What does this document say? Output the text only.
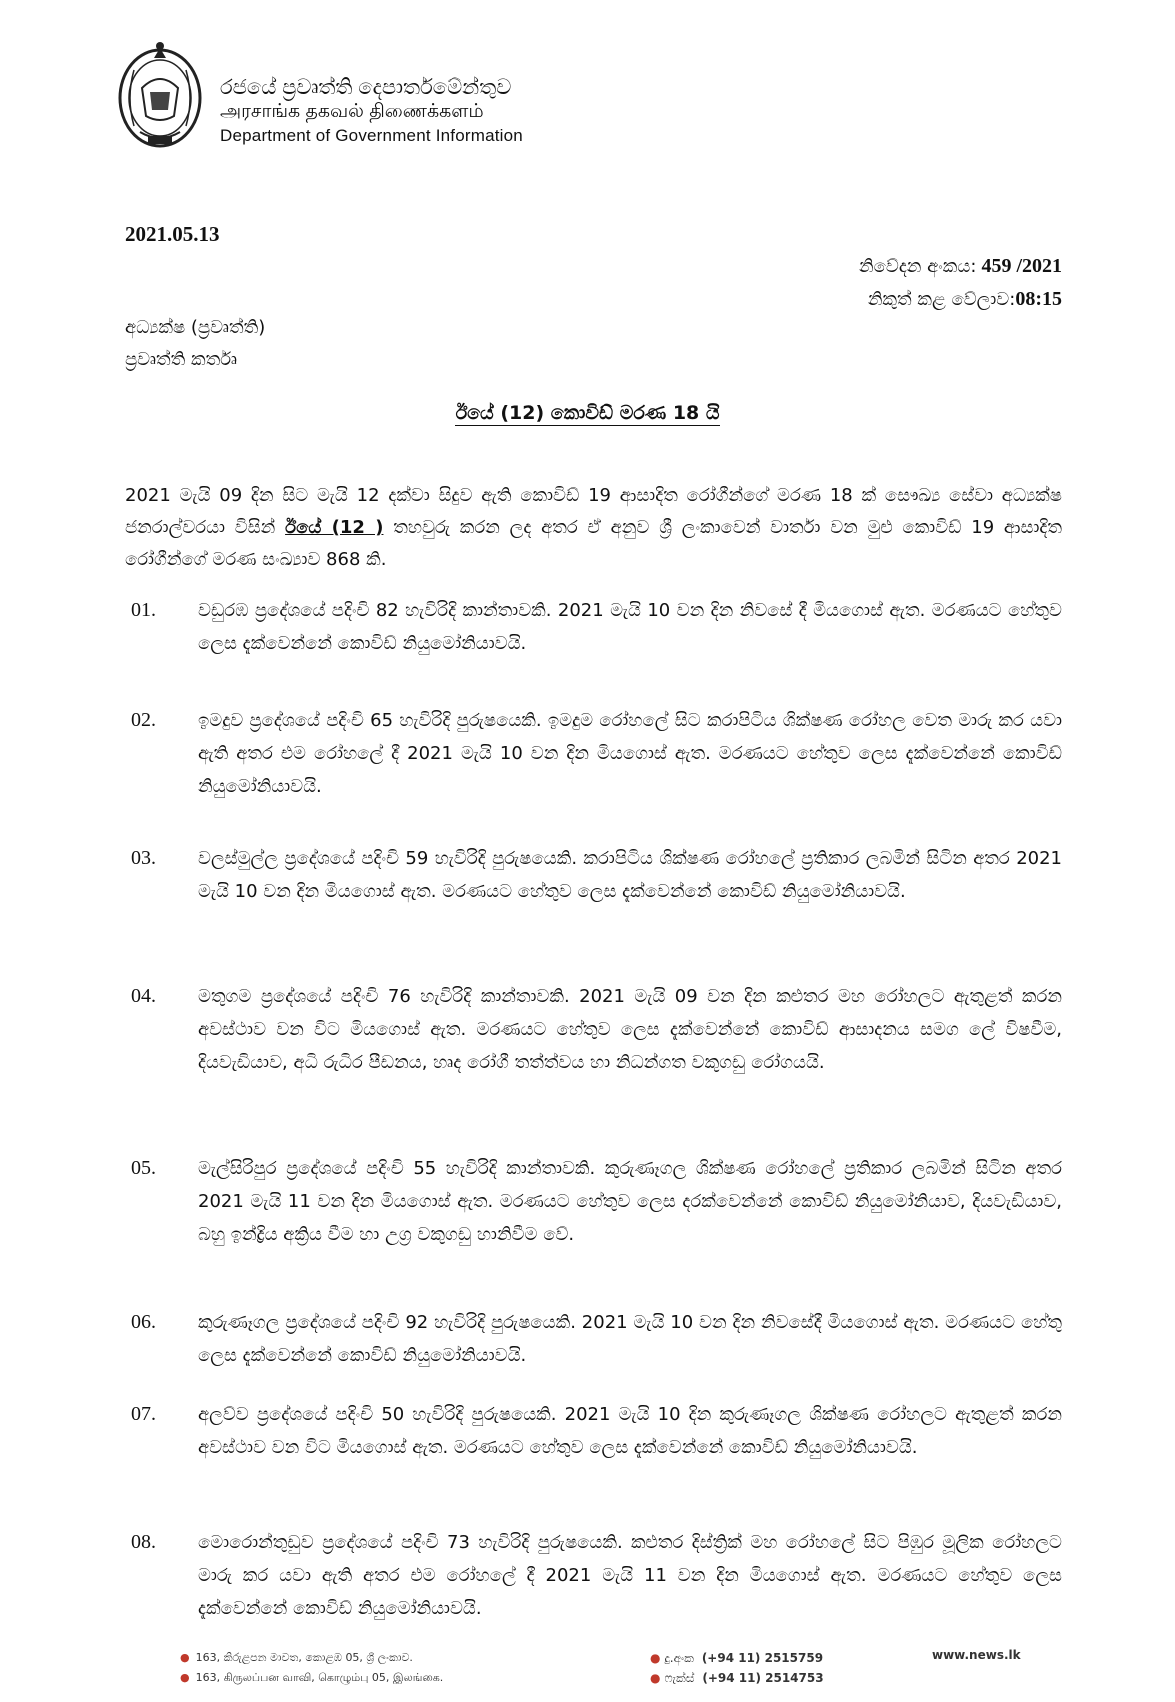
රජයේ ප්‍රවෘත්ති දෙපාර්තමේන්තුව
அரசாங்க தகவல் திணைக்களம்
Department of Government Information
2021.05.13
නිවේදන අංකය: 459 /2021
නිකුත් කළ වේලාව:08:15
අධ්‍යක්ෂ (ප්‍රවෘත්ති)
ප්‍රවෘත්ති කර්තෘ
ඊයේ (12) කොවිඩ් මරණ 18 යි
2021 මැයි 09 දින සිට මැයි 12 දක්වා සිදුව ඇති කොවිඩ් 19 ආසාදිත රෝගීන්ගේ මරණ 18 ක් සෞඛ්‍ය සේවා අධ්‍යක්ෂ ජනරාල්වරයා විසින් ඊයේ (12 ) තහවුරු කරන ලද අතර ඒ අනුව ශ්‍රී ලංකාවෙන් වාර්තා වන මුළු කොවිඩ් 19 ආසාදිත රෝගීන්ගේ මරණ සංඛ්‍යාව 868 කි.
01. වඩුරඹ ප්‍රදේශයේ පදිංචි 82 හැවිරිදි කාන්තාවකි. 2021 මැයි 10 වන දින නිවසේ දී මියගොස් ඇත. මරණයට හේතුව ලෙස දැක්වෙන්නේ කොවිඩ් නියුමෝනියාවයි.
02. ඉමදුව ප්‍රදේශයේ පදිංචි 65 හැවිරිදි පුරුෂයෙකි. ඉමදුම රෝහලේ සිට කරාපිටිය ශික්ෂණ රෝහල වෙත මාරු කර යවා ඇති අතර එම රෝහලේ දී 2021 මැයි 10 වන දින මියගොස් ඇත. මරණයට හේතුව ලෙස දැක්වෙන්නේ කොවිඩ් නියුමෝනියාවයි.
03. වලස්මුල්ල ප්‍රදේශයේ පදිංචි 59 හැවිරිදි පුරුෂයෙකි. කරාපිටිය ශික්ෂණ රෝහලේ ප්‍රතිකාර ලබමින් සිටින අතර 2021 මැයි 10 වන දින මියගොස් ඇත. මරණයට හේතුව ලෙස දැක්වෙන්නේ කොවිඩ් නියුමෝනියාවයි.
04. මතුගම ප්‍රදේශයේ පදිංචි 76 හැවිරිදි කාන්තාවකි. 2021 මැයි 09 වන දින කළුතර මහ රෝහලට ඇතුළත් කරන අවස්ථාව වන විට මියගොස් ඇත. මරණයට හේතුව ලෙස දැක්වෙන්නේ කොවිඩ් ආසාදනය සමග ලේ විෂවීම, දියවැඩියාව, අධි රුධිර පීඩනය, හෘද රෝගී තත්ත්වය හා නිධන්ගත වකුගඩු රෝගයයි.
05. මැල්සිරිපුර ප්‍රදේශයේ පදිංචි 55 හැවිරිදි කාන්තාවකි. කුරුණෑගල ශික්ෂණ රෝහලේ ප්‍රතිකාර ලබමින් සිටින අතර 2021 මැයි 11 වන දින මියගොස් ඇත. මරණයට හේතුව ලෙස දරක්වෙන්නේ කොවිඩ් නියුමෝනියාව, දියවැඩියාව, බහු ඉන්ද්‍රිය අක්‍රිය වීම හා උග්‍ර වකුගඩු හානිවීම වේ.
06. කුරුණෑගල ප්‍රදේශයේ පදිංචි 92 හැවිරිදි පුරුෂයෙකි. 2021 මැයි 10 වන දින නිවසේදී මියගොස් ඇත. මරණයට හේතු ලෙස දැක්වෙන්නේ කොවිඩ් නියුමෝනියාවයි.
07. අලව්ව ප්‍රදේශයේ පදිංචි 50 හැවිරිදි පුරුෂයෙකි. 2021 මැයි 10 දින කුරුණෑගල ශික්ෂණ රෝහලට ඇතුළත් කරන අවස්ථාව වන විට මියගොස් ඇත. මරණයට හේතුව ලෙස දැක්වෙන්නේ කොවිඩ් නියුමෝනියාවයි.
08. මොරොන්තුඩුව ප්‍රදේශයේ පදිංචි 73 හැවිරිදි පුරුෂයෙකි. කළුතර දිස්ත්‍රික් මහ රෝහලේ සිට පිඹුර මූලික රෝහලට මාරු කර යවා ඇති අතර එම රෝහලේ දී 2021 මැයි 11 වන දින මියගොස් ඇත. මරණයට හේතුව ලෙස දැක්වෙන්නේ කොවිඩ් නියුමෝනියාවයි.
● 163, කිරුළපන මාවත, කොළඹ 05, ශ්‍රී ලංකාව.
● 163, கிருலப்பன வாவி, கொழும்பு 05, இலங்கை.
● දු.අංක (+94 11) 2515759
● ෆැක්ස් (+94 11) 2514753
www.news.lk
